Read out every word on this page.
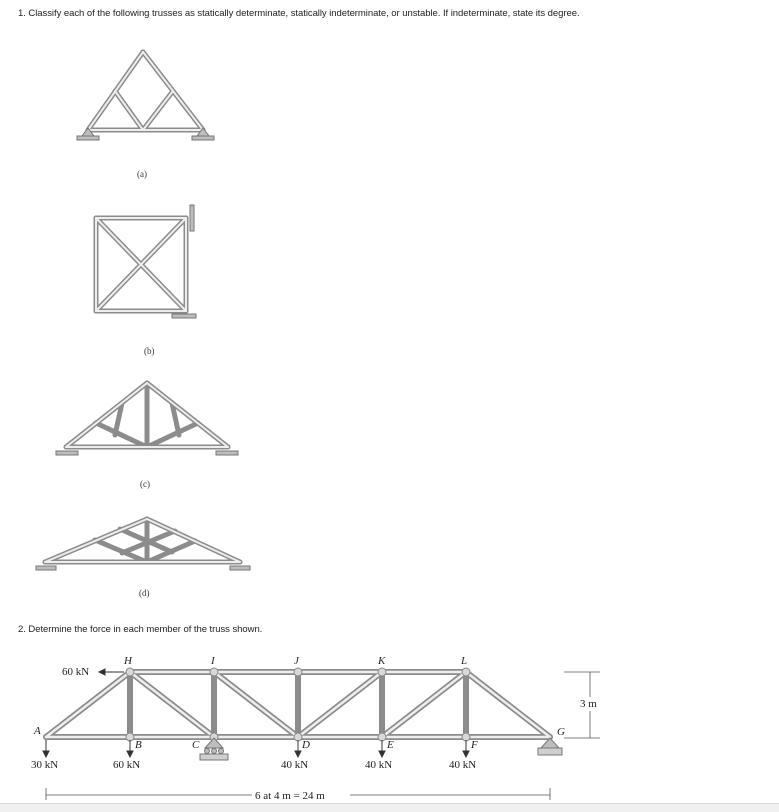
1. Classify each of the following trusses as statically determinate, statically indeterminate, or unstable. If indeterminate, state its degree.
A
B	C	D	E	F
G
H	I	J	K	L
60 kN
30 kN	60 kN	40 kN	40 kN	40 kN
3 m
6 at 4 m = 24 m
(a)
(b)
(c)
(d)
2. Determine the force in each member of the truss shown.
